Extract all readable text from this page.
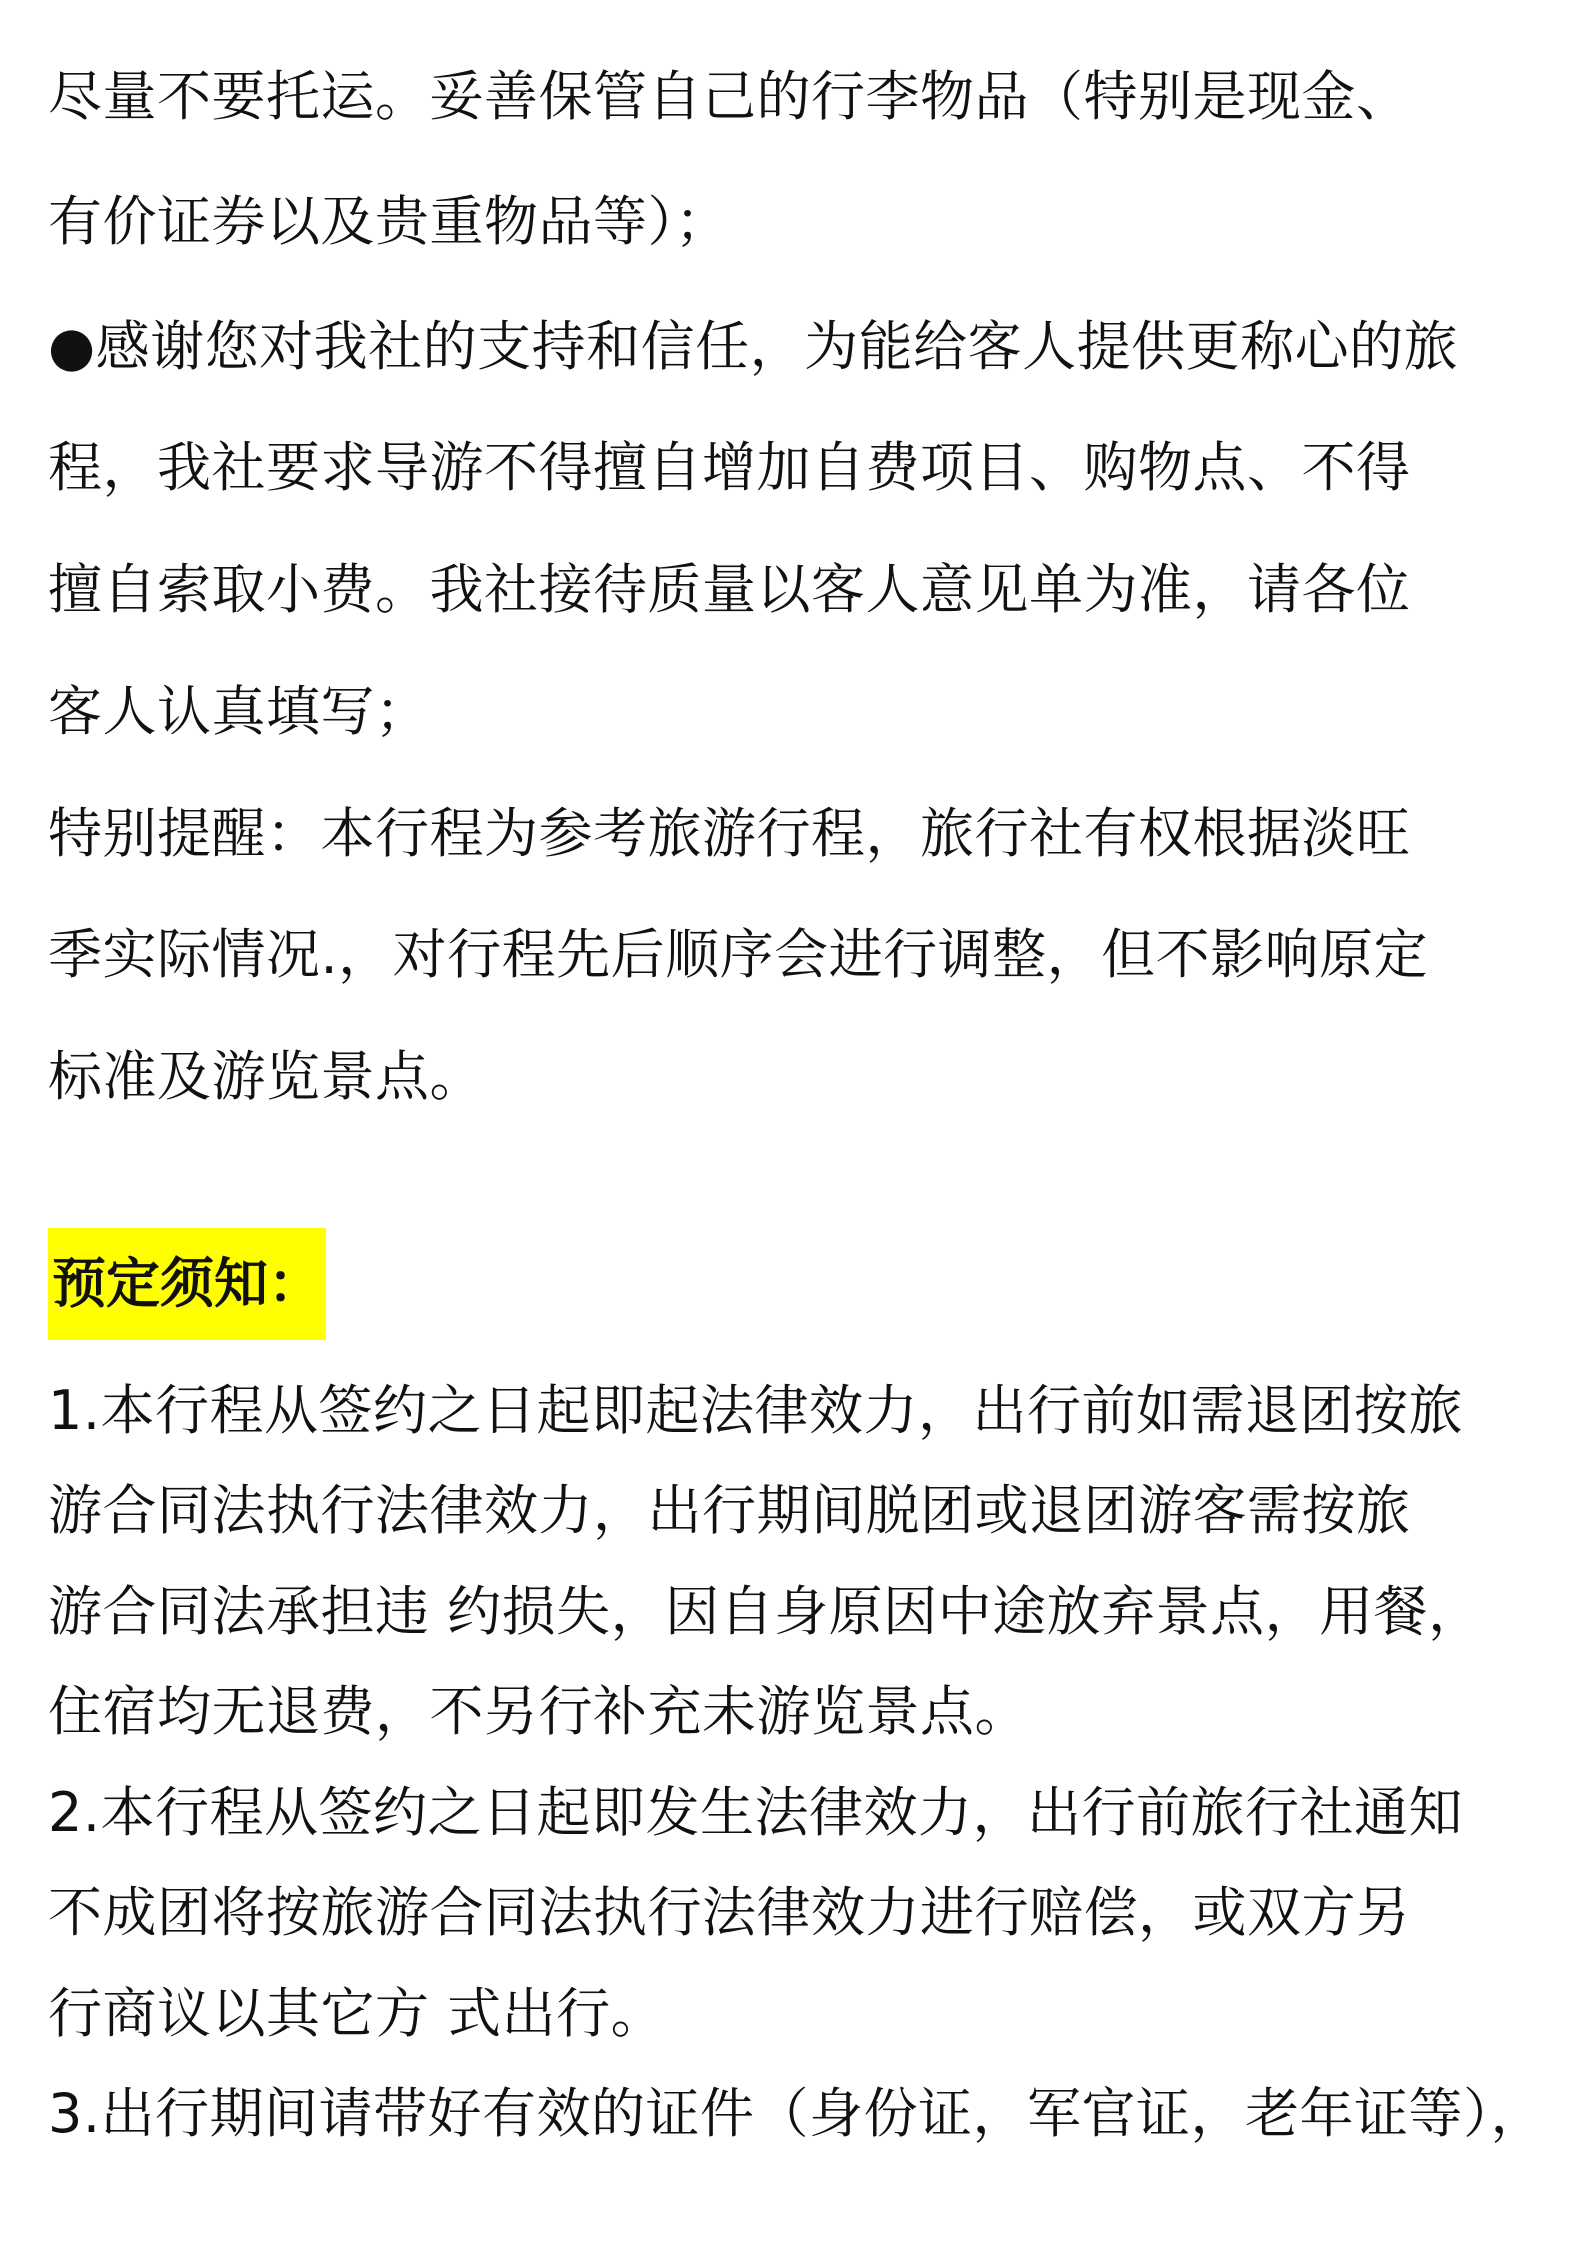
尽量不要托运。妥善保管自己的行李物品（特别是现金、
有价证券以及贵重物品等）；
●感谢您对我社的支持和信任，为能给客人提供更称心的旅
程，我社要求导游不得擅自增加自费项目、购物点、不得
擅自索取小费。我社接待质量以客人意见单为准，请各位
客人认真填写；
特别提醒：本行程为参考旅游行程，旅行社有权根据淡旺
季实际情况.，对行程先后顺序会进行调整，但不影响原定
标准及游览景点。
预定须知：
1.本行程从签约之日起即起法律效力，出行前如需退团按旅
游合同法执行法律效力，出行期间脱团或退团游客需按旅
游合同法承担违 约损失，因自身原因中途放弃景点，用餐，
住宿均无退费，不另行补充未游览景点。
2.本行程从签约之日起即发生法律效力，出行前旅行社通知
不成团将按旅游合同法执行法律效力进行赔偿，或双方另
行商议以其它方 式出行。
3.出行期间请带好有效的证件（身份证，军官证，老年证等），
